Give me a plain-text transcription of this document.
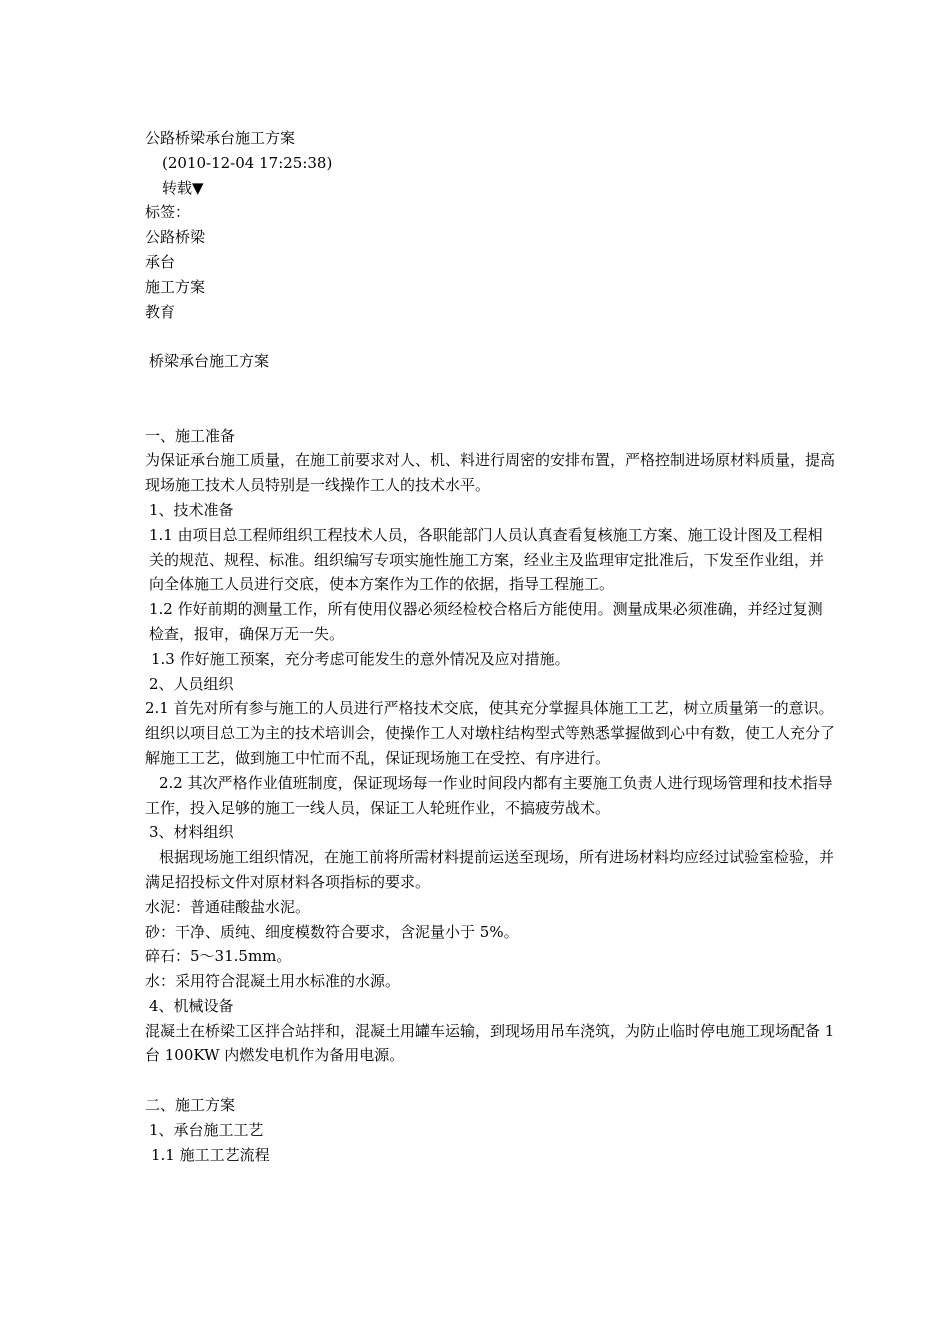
公路桥梁承台施工方案
(2010-12-04 17:25:38)
转载▼
标签：
公路桥梁
承台
施工方案
教育
桥梁承台施工方案
一、施工准备
为保证承台施工质量，在施工前要求对人、机、料进行周密的安排布置，严格控制进场原材料质量，提高现场施工技术人员特别是一线操作工人的技术水平。
1、技术准备
1.1 由项目总工程师组织工程技术人员，各职能部门人员认真查看复核施工方案、施工设计图及工程相关的规范、规程、标准。组织编写专项实施性施工方案，经业主及监理审定批准后，下发至作业组，并向全体施工人员进行交底，使本方案作为工作的依据，指导工程施工。
1.2 作好前期的测量工作，所有使用仪器必须经检校合格后方能使用。测量成果必须准确，并经过复测检查，报审，确保万无一失。
1.3 作好施工预案，充分考虑可能发生的意外情况及应对措施。
2、人员组织
2.1 首先对所有参与施工的人员进行严格技术交底，使其充分掌握具体施工工艺，树立质量第一的意识。组织以项目总工为主的技术培训会，使操作工人对墩柱结构型式等熟悉掌握做到心中有数，使工人充分了解施工工艺，做到施工中忙而不乱，保证现场施工在受控、有序进行。
2.2 其次严格作业值班制度，保证现场每一作业时间段内都有主要施工负责人进行现场管理和技术指导工作，投入足够的施工一线人员，保证工人轮班作业，不搞疲劳战术。
3、材料组织
根据现场施工组织情况，在施工前将所需材料提前运送至现场，所有进场材料均应经过试验室检验，并满足招投标文件对原材料各项指标的要求。
水泥：普通硅酸盐水泥。
砂：干净、质纯、细度模数符合要求，含泥量小于 5%。
碎石：5～31.5mm。
水：采用符合混凝土用水标准的水源。
4、机械设备
混凝土在桥梁工区拌合站拌和，混凝土用罐车运输，到现场用吊车浇筑，为防止临时停电施工现场配备 1 台 100KW 内燃发电机作为备用电源。
二、施工方案
1、承台施工工艺
1.1 施工工艺流程
